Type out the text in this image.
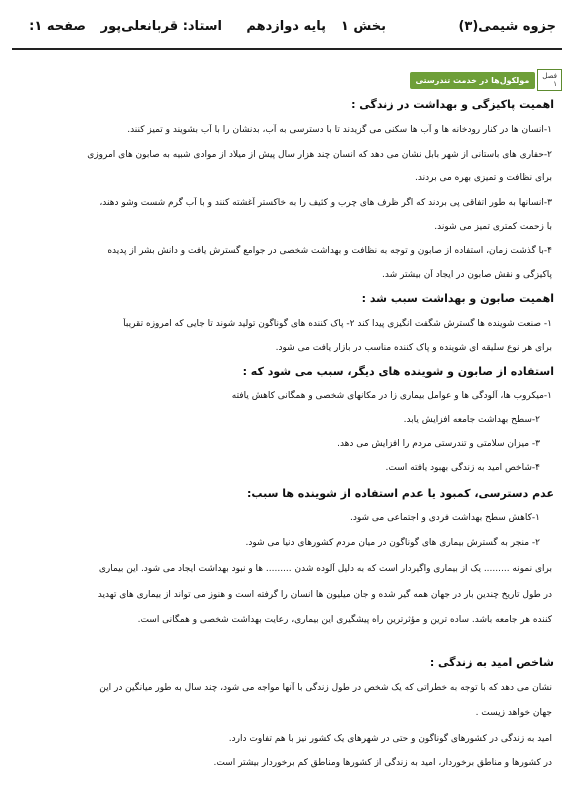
جزوه شیمی(۳)
بخش ۱
پایه دوازدهم
استاد: قربانعلی‌پور
صفحه ۱:
فصل ۱
مولکول‌ها در خدمت تندرستی
اهمیت پاکیزگی و بهداشت در زندگی :
۱-انسان ها در کنار رودخانه ها و آب ها سکنی می گزیدند تا با دسترسی به آب، بدنشان را با آب بشویند و تمیز کنند.
۲-حفاری های باستانی از شهر بابل نشان می دهد که انسان چند هزار سال پیش از میلاد از موادی شبیه به صابون های امروزی
برای نظافت و تمیزی بهره می بردند.
۳-انسانها به طور اتفاقی پی بردند که اگر ظرف های چرب و کثیف را به خاکستر آغشته کنند و با آب گرم شست وشو دهند،
با زحمت کمتری تمیز می شوند.
۴-با گذشت زمان، استفاده از صابون و توجه به نظافت و بهداشت شخصی در جوامع گسترش یافت و دانش بشر از پدیده
پاکیزگی و نقش صابون در ایجاد آن بیشتر شد.
اهمیت صابون و بهداشت سبب شد :
۱- صنعت شوینده ها گسترش شگفت انگیزی پیدا کند ۲- پاک کننده های گوناگون تولید شوند تا جایی که امروزه تقریباً
برای هر نوع سلیقه ای شوینده و پاک کننده مناسب در بازار یافت می شود.
استفاده از صابون و شوینده های دیگر، سبب می شود که :
۱-میکروب ها، آلودگی ها و عوامل بیماری زا در مکانهای شخصی و همگانی کاهش یافته
۲-سطح بهداشت جامعه افزایش یابد.
۳- میزان سلامتی و تندرستی مردم را افزایش می دهد.
۴-شاخص امید به زندگی بهبود یافته است.
عدم دسترسی، کمبود یا عدم استفاده از شوینده ها سبب:
۱-کاهش سطح بهداشت فردی و اجتماعی می شود.
۲- منجر به گسترش بیماری های گوناگون در میان مردم کشورهای دنیا می شود.
برای نمونه ......... یک از بیماری واگیردار است که به دلیل آلوده شدن ......... ها و نبود بهداشت ایجاد می شود. این بیماری
در طول تاریخ چندین بار در جهان همه گیر شده و جان میلیون ها انسان را گرفته است و هنوز می تواند از بیماری های تهدید
کننده هر جامعه باشد. ساده ترین و مؤثرترین راه پیشگیری این بیماری، رعایت بهداشت شخصی و همگانی است.
شاخص امید به زندگی :
نشان می دهد که با توجه به خطراتی که یک شخص در طول زندگی با آنها مواجه می شود، چند سال به طور میانگین در این
جهان خواهد زیست .
امید به زندگی در کشورهای گوناگون و حتی در شهرهای یک کشور نیز با هم تفاوت دارد.
در کشورها و مناطق برخوردار، امید به زندگی از کشورها ومناطق کم برخوردار بیشتر است.
